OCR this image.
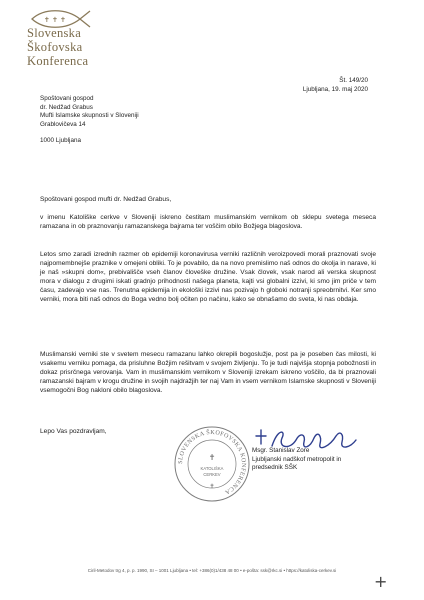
✝ ✝ ✝
Slovenska
Škofovska
Konferenca
Št. 149/20
Ljubljana, 19. maj 2020
Spoštovani gospod
dr. Nedžad Grabus
Mufti Islamske skupnosti v Sloveniji
Grablovičeva 14
1000 Ljubljana
Spoštovani gospod mufti dr. Nedžad Grabus,
v imenu Katoliške cerkve v Sloveniji iskreno čestitam muslimanskim vernikom ob sklepu svetega meseca ramazana in ob praznovanju ramazanskega bajrama ter voščim obilo Božjega blagoslova.
Letos smo zaradi izrednih razmer ob epidemiji koronavirusa verniki različnih veroizpovedi morali praznovati svoje najpomembnejše praznike v omejeni obliki. To je povabilo, da na novo premislimo naš odnos do okolja in narave, ki je naš »skupni dom«, prebivališče vseh članov človeške družine. Vsak človek, vsak narod ali verska skupnost mora v dialogu z drugimi iskati gradnjo prihodnosti našega planeta, kajti vsi globalni izzivi, ki smo jim priče v tem času, zadevajo vse nas. Trenutna epidemija in ekološki izzivi nas pozivajo h globoki notranji spreobrnitvi. Ker smo verniki, mora biti naš odnos do Boga vedno bolj očiten po načinu, kako se obnašamo do sveta, ki nas obdaja.
Muslimanski verniki ste v svetem mesecu ramazanu lahko okrepili bogoslužje, post pa je poseben čas milosti, ki vsakemu verniku pomaga, da prisluhne Božjim rešitvam v svojem življenju. To je tudi najvišja stopnja pobožnosti in dokaz prisrčnega verovanja. Vam in muslimanskim vernikom v Sloveniji izrekam iskreno voščilo, da bi praznovali ramazanski bajram v krogu družine in svojih najdražjih ter naj Vam in vsem vernikom Islamske skupnosti v Sloveniji vsemogočni Bog nakloni obilo blagoslova.
Lepo Vas pozdravljam,
SLOVENSKA ŠKOFOVSKA KONFERENCA
✝
KATOLIŠKA
CERKEV
✝
Msgr. Stanislav Zore
Ljubljanski nadškof metropolit in
predsednik SŠK
Ciril-Metodov trg 4, p. p. 1990, SI – 1001 Ljubljana • tel: +386(0)1/438 48 00 • e-pošta: ssk@rkc.si • https://katoliska-cerkev.si
+
